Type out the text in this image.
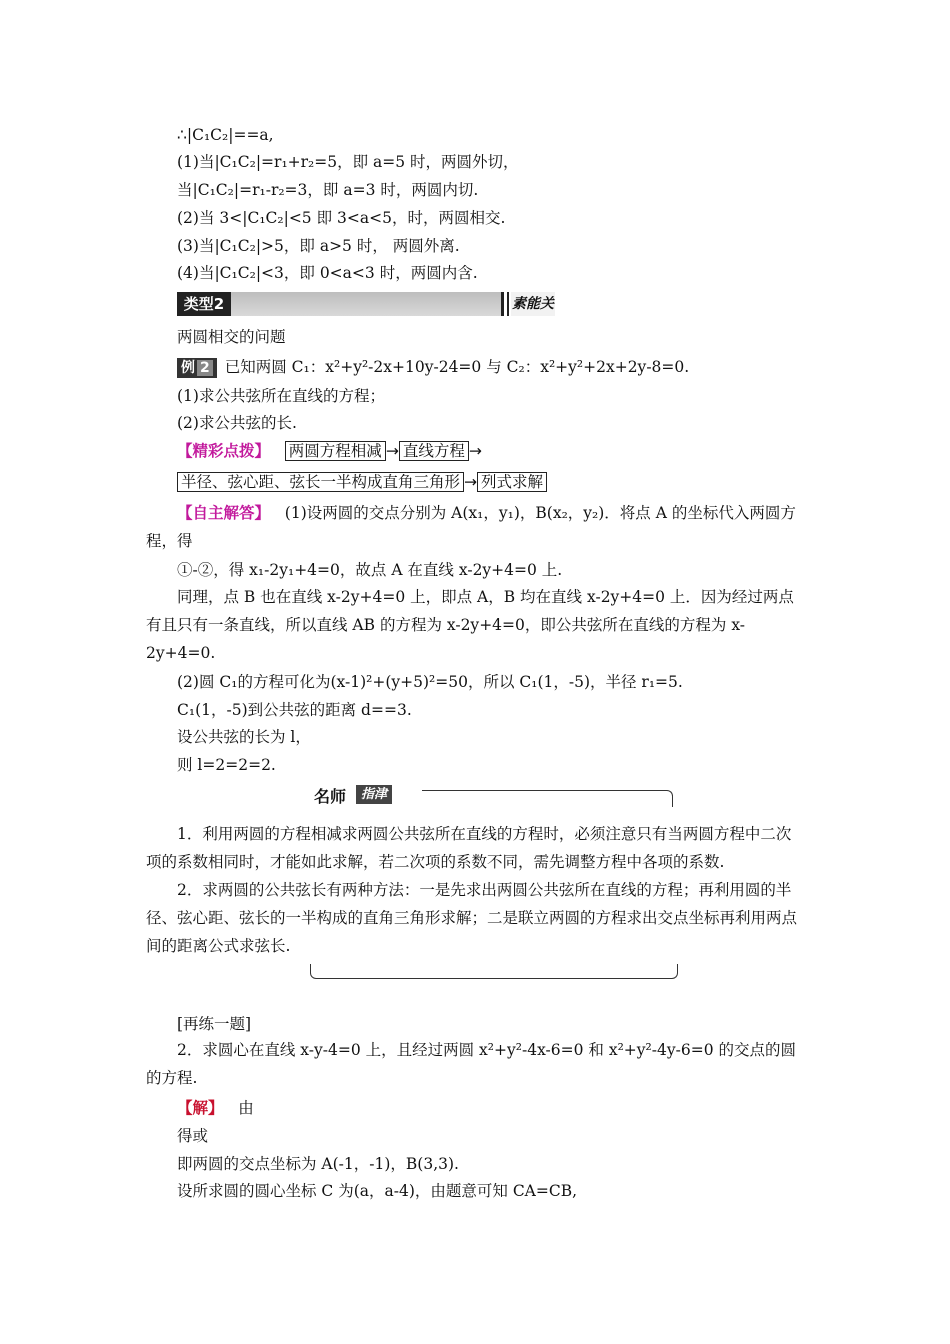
∴|C₁C₂|==a,
(1)当|C₁C₂|=r₁+r₂=5，即 a=5 时，两圆外切，
当|C₁C₂|=r₁-r₂=3，即 a=3 时，两圆内切.
(2)当 3<|C₁C₂|<5 即 3<a<5，时，两圆相交.
(3)当|C₁C₂|>5，即 a>5 时， 两圆外离.
(4)当|C₁C₂|<3，即 0<a<3 时，两圆内含.
类型2	素能关
两圆相交的问题
例 2 已知两圆 C₁：x²+y²-2x+10y-24=0 与 C₂：x²+y²+2x+2y-8=0.
(1)求公共弦所在直线的方程；
(2)求公共弦的长.
【精彩点拨】 两圆方程相减 → 直线方程 →
半径、弦心距、弦长一半构成直角三角形 → 列式求解
【自主解答】 (1)设两圆的交点分别为 A(x₁，y₁)，B(x₂，y₂)．将点 A 的坐标代入两圆方程，得
①-②，得 x₁-2y₁+4=0，故点 A 在直线 x-2y+4=0 上.
同理，点 B 也在直线 x-2y+4=0 上，即点 A，B 均在直线 x-2y+4=0 上．因为经过两点有且只有一条直线，所以直线 AB 的方程为 x-2y+4=0，即公共弦所在直线的方程为 x-2y+4=0.
(2)圆 C₁的方程可化为(x-1)²+(y+5)²=50，所以 C₁(1，-5)，半径 r₁=5.
C₁(1，-5)到公共弦的距离 d==3.
设公共弦的长为 l，
则 l=2=2=2.
名师	指津
1．利用两圆的方程相减求两圆公共弦所在直线的方程时，必须注意只有当两圆方程中二次项的系数相同时，才能如此求解，若二次项的系数不同，需先调整方程中各项的系数.
2．求两圆的公共弦长有两种方法：一是先求出两圆公共弦所在直线的方程；再利用圆的半径、弦心距、弦长的一半构成的直角三角形求解；二是联立两圆的方程求出交点坐标再利用两点间的距离公式求弦长.
[再练一题]
2．求圆心在直线 x-y-4=0 上，且经过两圆 x²+y²-4x-6=0 和 x²+y²-4y-6=0 的交点的圆的方程.
【解】 由
得或
即两圆的交点坐标为 A(-1，-1)，B(3,3).
设所求圆的圆心坐标 C 为(a，a-4)，由题意可知 CA=CB,
